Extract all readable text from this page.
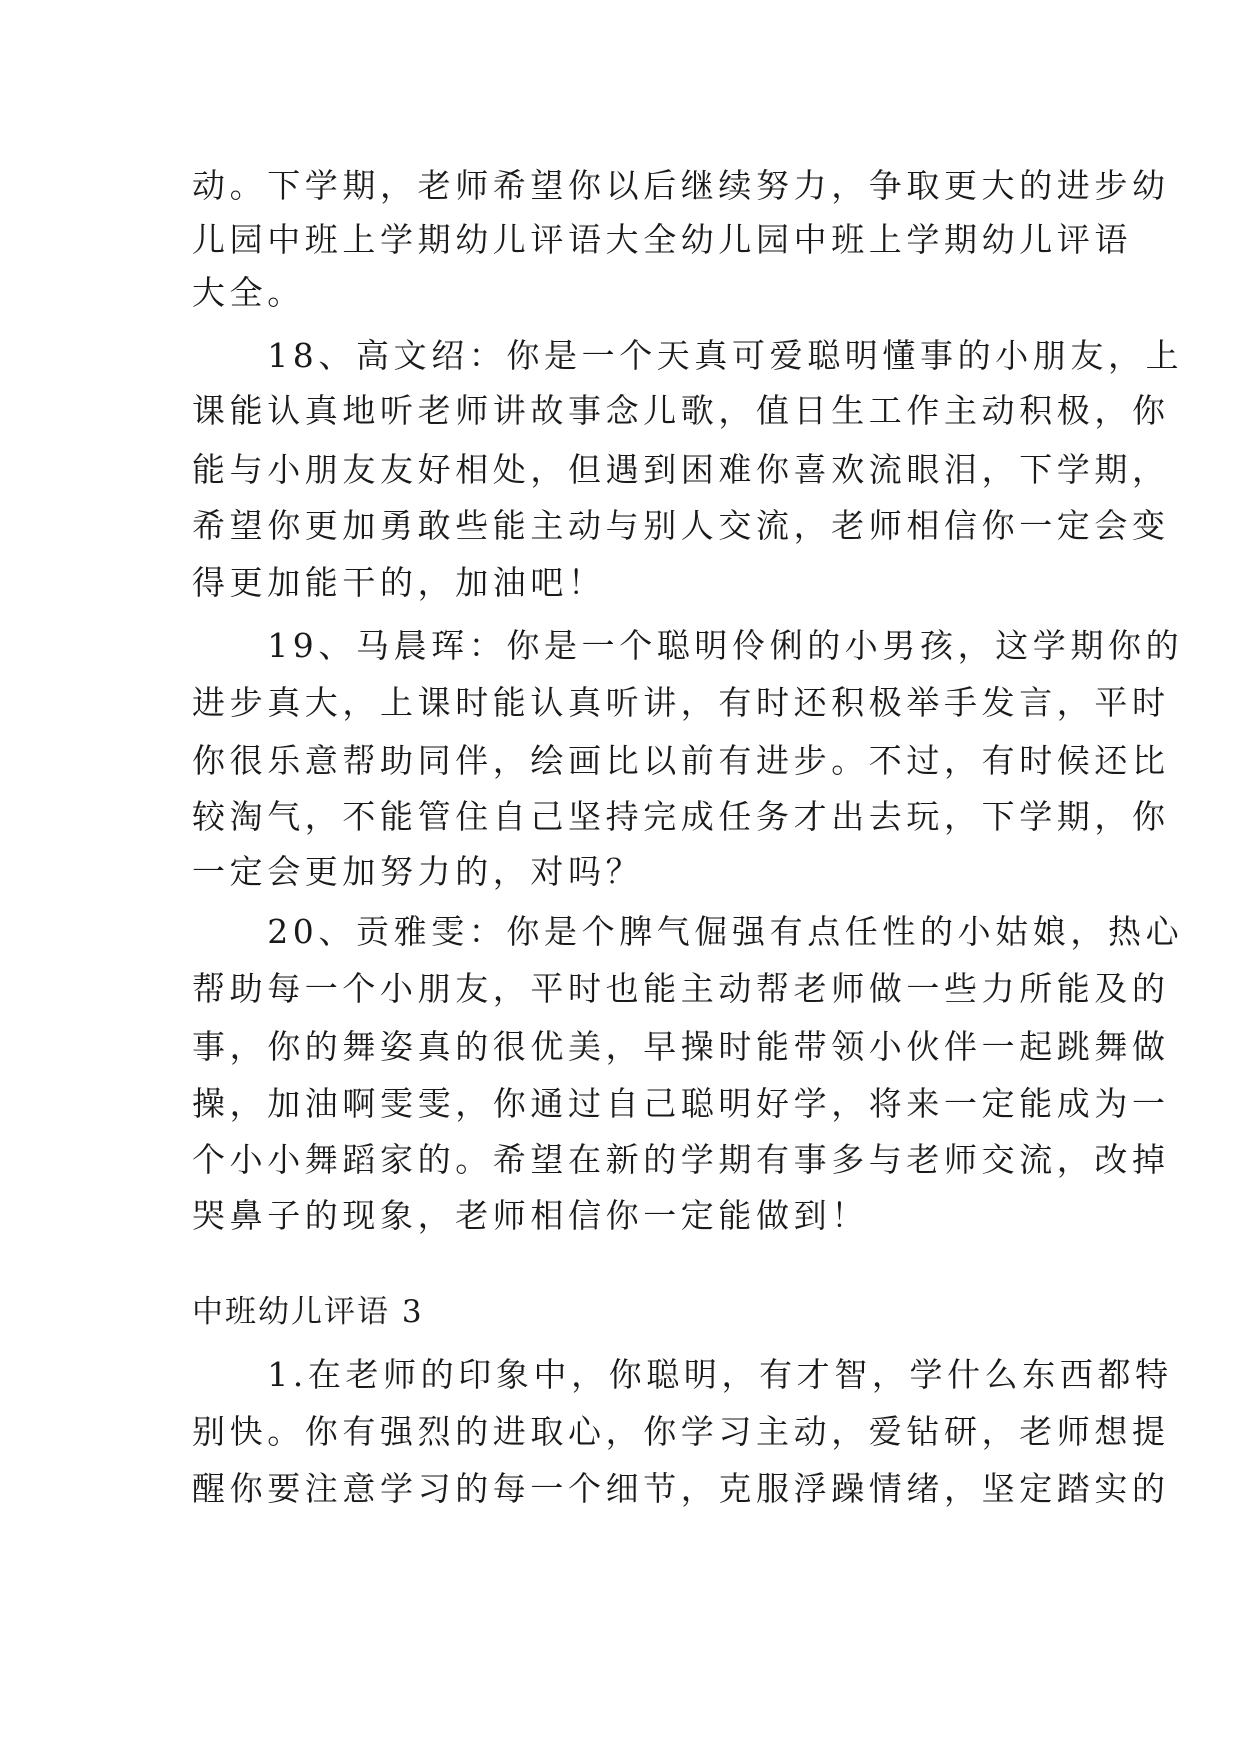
动。下学期，老师希望你以后继续努力，争取更大的进步幼
儿园中班上学期幼儿评语大全幼儿园中班上学期幼儿评语
大全。
　　18、高文绍：你是一个天真可爱聪明懂事的小朋友，上
课能认真地听老师讲故事念儿歌，值日生工作主动积极，你
能与小朋友友好相处，但遇到困难你喜欢流眼泪，下学期，
希望你更加勇敢些能主动与别人交流，老师相信你一定会变
得更加能干的，加油吧！
　　19、马晨珲：你是一个聪明伶俐的小男孩，这学期你的
进步真大，上课时能认真听讲，有时还积极举手发言，平时
你很乐意帮助同伴，绘画比以前有进步。不过，有时候还比
较淘气，不能管住自己坚持完成任务才出去玩，下学期，你
一定会更加努力的，对吗？
　　20、贡雅雯：你是个脾气倔强有点任性的小姑娘，热心
帮助每一个小朋友，平时也能主动帮老师做一些力所能及的
事，你的舞姿真的很优美，早操时能带领小伙伴一起跳舞做
操，加油啊雯雯，你通过自己聪明好学，将来一定能成为一
个小小舞蹈家的。希望在新的学期有事多与老师交流，改掉
哭鼻子的现象，老师相信你一定能做到！
中班幼儿评语 3
　　1.在老师的印象中，你聪明，有才智，学什么东西都特
别快。你有强烈的进取心，你学习主动，爱钻研，老师想提
醒你要注意学习的每一个细节，克服浮躁情绪，坚定踏实的
